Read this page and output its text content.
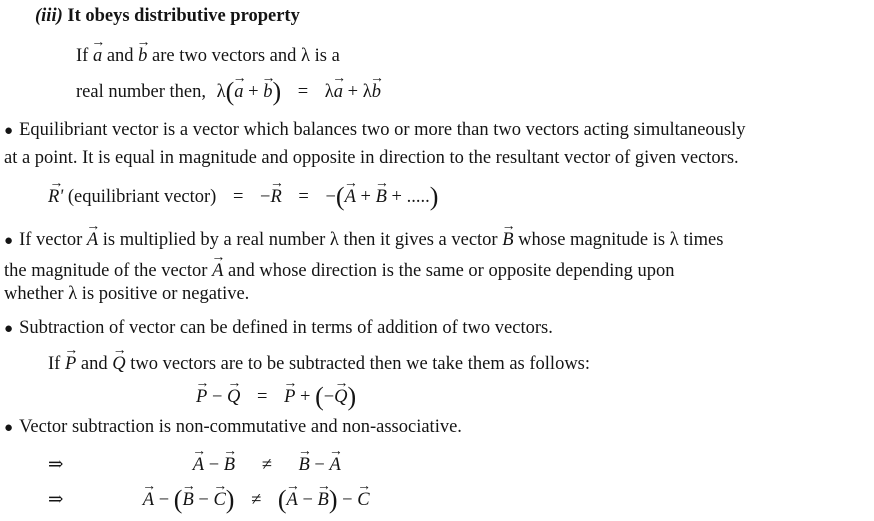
(iii) It obeys distributive property
If → a and → b are two vectors and λ is a
real number then, λ(→ a + → b) = λ→ a + λ→ b
● Equilibriant vector is a vector which balances two or more than two vectors acting simultaneously
at a point. It is equal in magnitude and opposite in direction to the resultant vector of given vectors.
→ R' (equilibriant vector) = −→ R = −(→ A + → B + .....)
● If vector → A is multiplied by a real number λ then it gives a vector → B whose magnitude is λ times
the magnitude of the vector → A and whose direction is the same or opposite depending upon
whether λ is positive or negative.
● Subtraction of vector can be defined in terms of addition of two vectors.
If → P and → Q two vectors are to be subtracted then we take them as follows:
→ P − → Q = → P + (−→ Q)
● Vector subtraction is non-commutative and non-associative.
⇒	→ A − → B ≠ → B − → A
⇒	→ A − (→ B − → C) ≠ (→ A − → B) − → C
